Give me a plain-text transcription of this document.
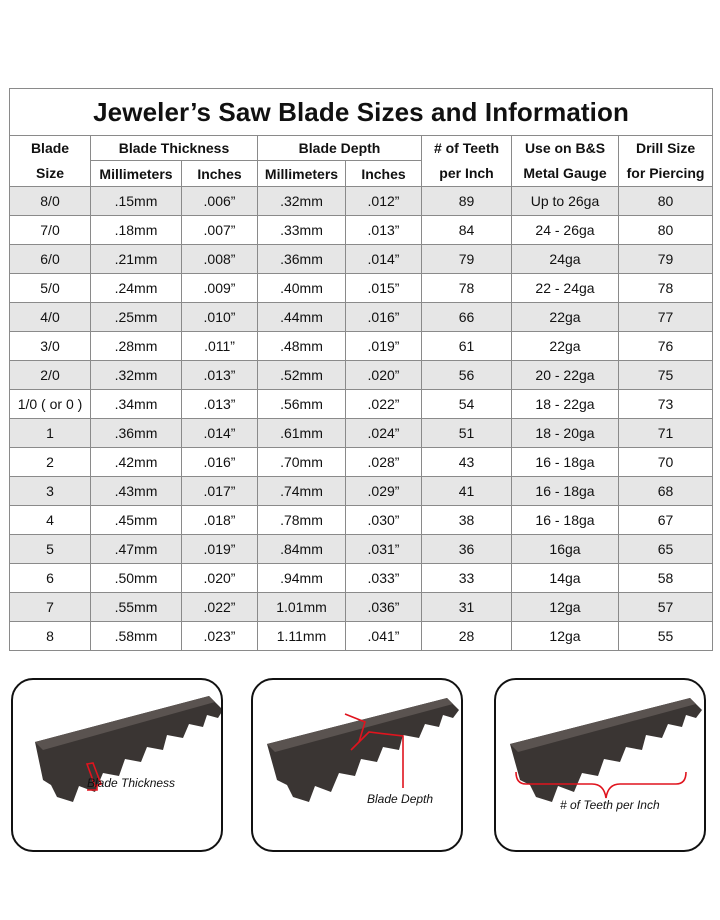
Jeweler’s Saw Blade Sizes and Information							
Blade	Blade Thickness		Blade Depth		# of Teeth	Use on B&S	Drill Size
Size	Millimeters	Inches	Millimeters	Inches	per Inch	Metal Gauge	for Piercing
8/0	.15mm	.006”	.32mm	.012”	89	Up to 26ga	80
7/0	.18mm	.007”	.33mm	.013”	84	24 - 26ga	80
6/0	.21mm	.008”	.36mm	.014”	79	24ga	79
5/0	.24mm	.009”	.40mm	.015”	78	22 - 24ga	78
4/0	.25mm	.010”	.44mm	.016”	66	22ga	77
3/0	.28mm	.011”	.48mm	.019”	61	22ga	76
2/0	.32mm	.013”	.52mm	.020”	56	20 - 22ga	75
1/0 ( or 0 )	.34mm	.013”	.56mm	.022”	54	18 - 22ga	73
1	.36mm	.014”	.61mm	.024”	51	18 - 20ga	71
2	.42mm	.016”	.70mm	.028”	43	16 - 18ga	70
3	.43mm	.017”	.74mm	.029”	41	16 - 18ga	68
4	.45mm	.018”	.78mm	.030”	38	16 - 18ga	67
5	.47mm	.019”	.84mm	.031”	36	16ga	65
6	.50mm	.020”	.94mm	.033”	33	14ga	58
7	.55mm	.022”	1.01mm	.036”	31	12ga	57
8	.58mm	.023”	1.11mm	.041”	28	12ga	55
Blade Thickness
Blade Depth	# of Teeth per Inch
